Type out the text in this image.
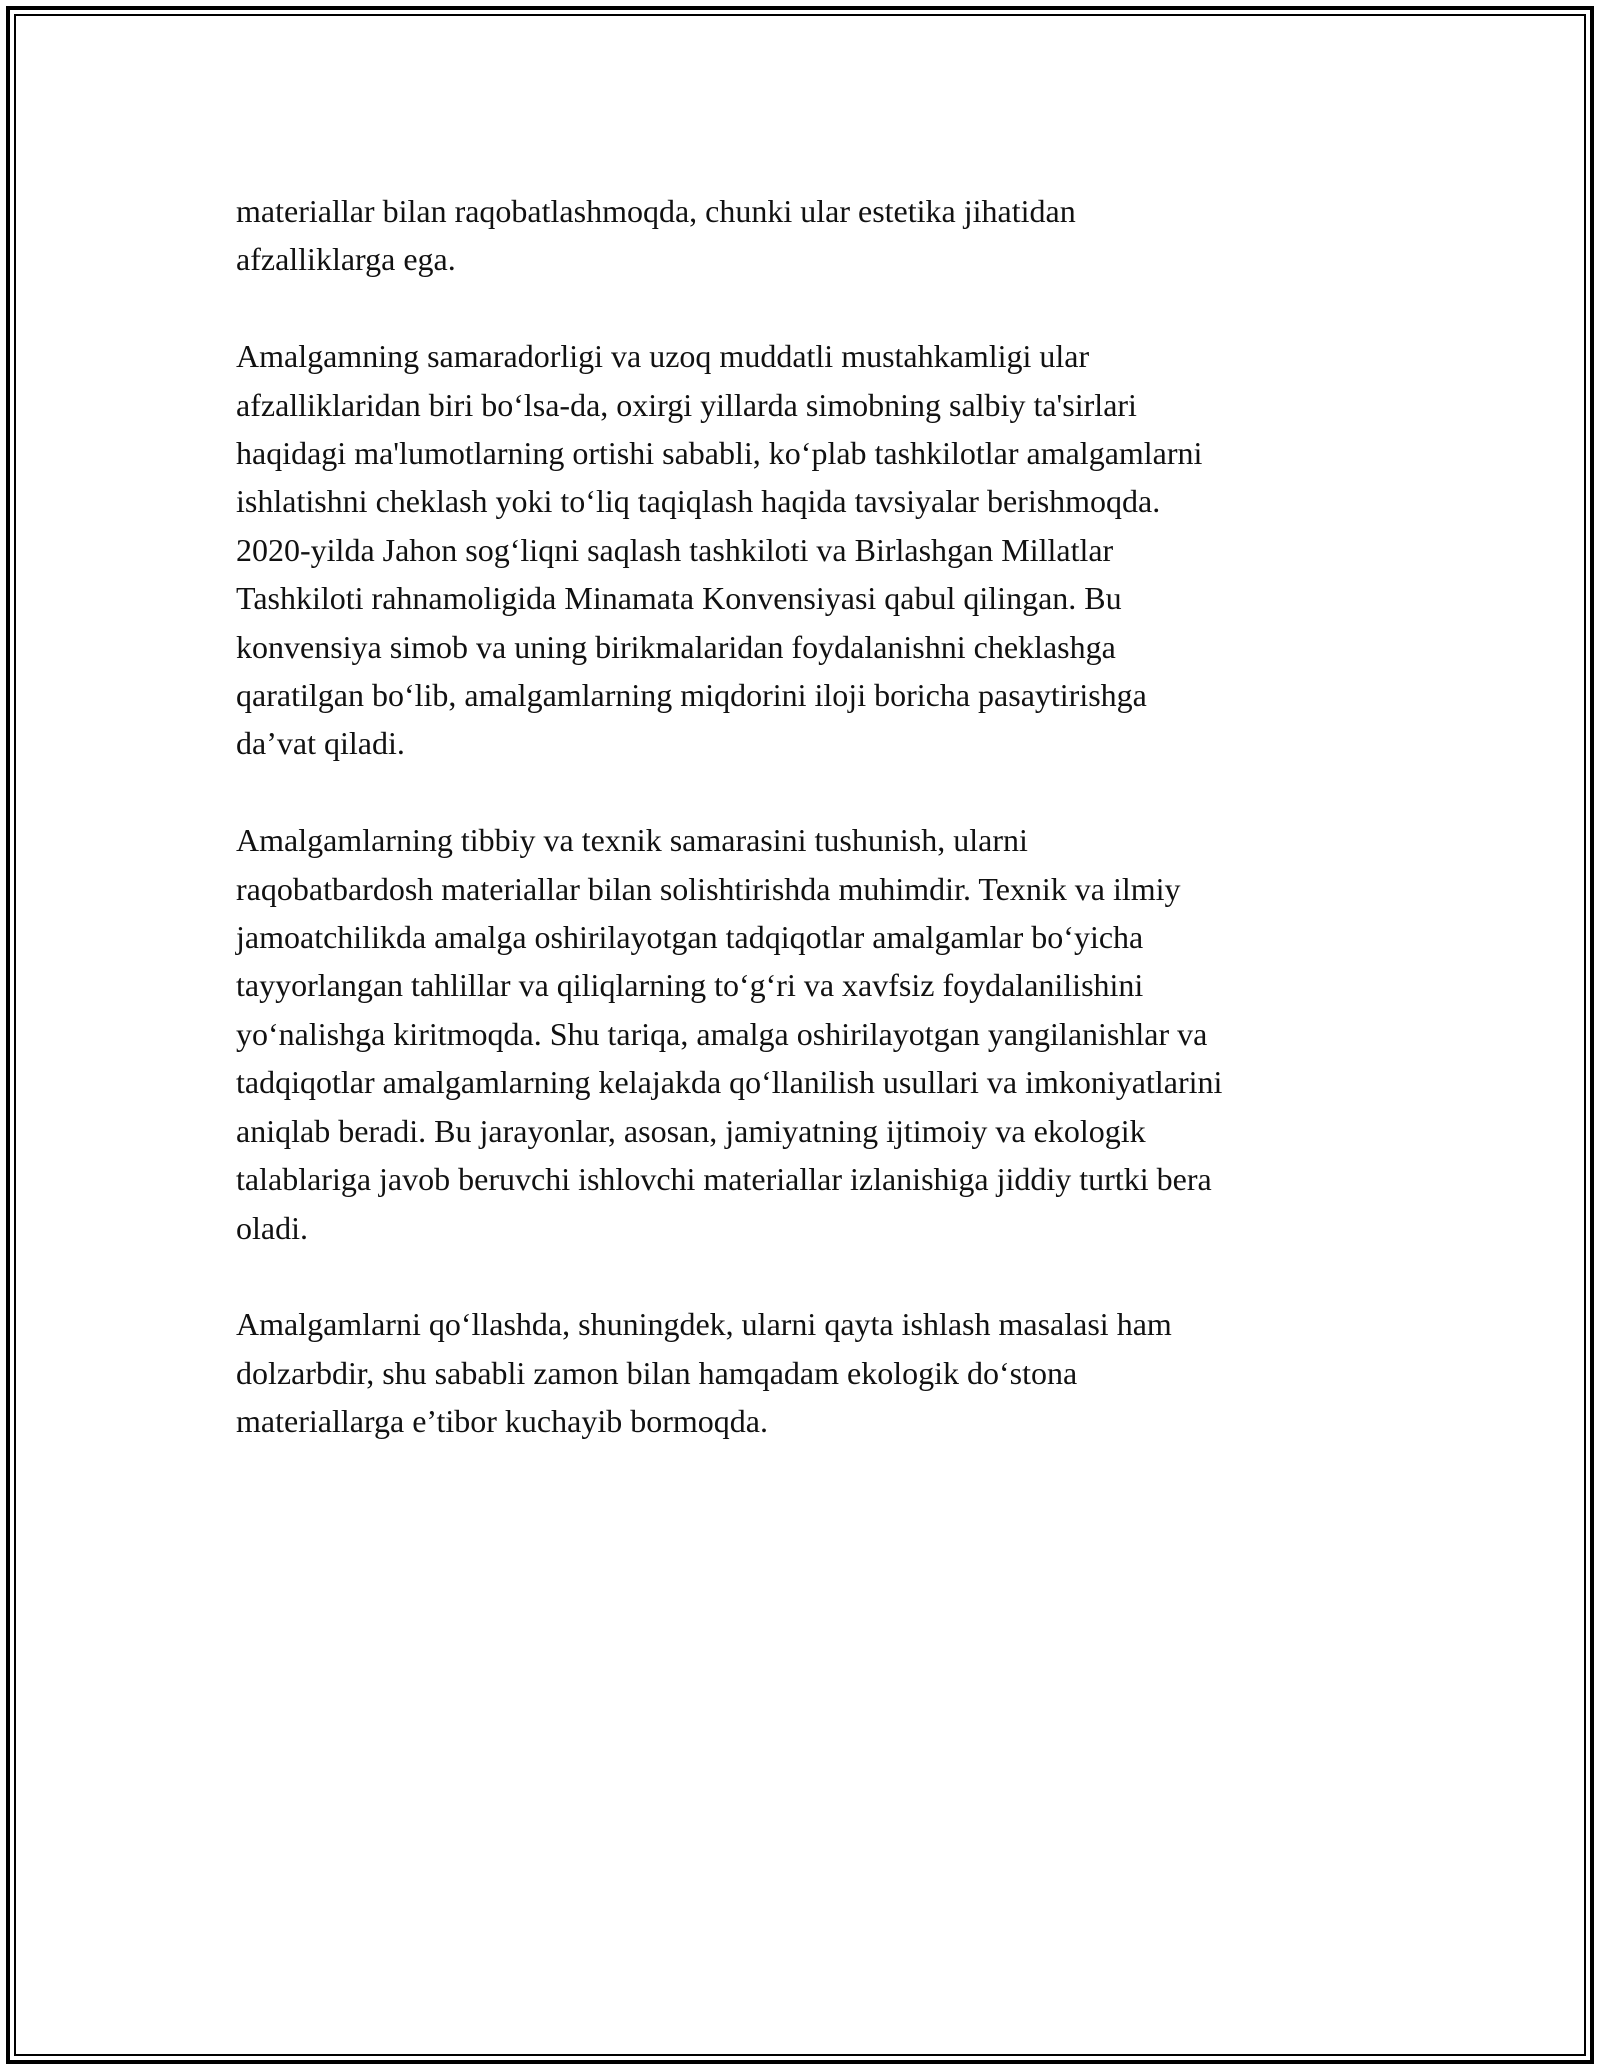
materiallar bilan raqobatlashmoqda, chunki ular estetika jihatidan
afzalliklarga ega.

Amalgamning samaradorligi va uzoq muddatli mustahkamligi ular
afzalliklaridan biri bo‘lsa-da, oxirgi yillarda simobning salbiy ta'sirlari
haqidagi ma'lumotlarning ortishi sababli, ko‘plab tashkilotlar amalgamlarni
ishlatishni cheklash yoki to‘liq taqiqlash haqida tavsiyalar berishmoqda.
2020-yilda Jahon sog‘liqni saqlash tashkiloti va Birlashgan Millatlar
Tashkiloti rahnamoligida Minamata Konvensiyasi qabul qilingan. Bu
konvensiya simob va uning birikmalaridan foydalanishni cheklashga
qaratilgan bo‘lib, amalgamlarning miqdorini iloji boricha pasaytirishga
da’vat qiladi.

Amalgamlarning tibbiy va texnik samarasini tushunish, ularni
raqobatbardosh materiallar bilan solishtirishda muhimdir. Texnik va ilmiy
jamoatchilikda amalga oshirilayotgan tadqiqotlar amalgamlar bo‘yicha
tayyorlangan tahlillar va qiliqlarning to‘g‘ri va xavfsiz foydalanilishini
yo‘nalishga kiritmoqda. Shu tariqa, amalga oshirilayotgan yangilanishlar va
tadqiqotlar amalgamlarning kelajakda qo‘llanilish usullari va imkoniyatlarini
aniqlab beradi. Bu jarayonlar, asosan, jamiyatning ijtimoiy va ekologik
talablariga javob beruvchi ishlovchi materiallar izlanishiga jiddiy turtki bera
oladi.

Amalgamlarni qo‘llashda, shuningdek, ularni qayta ishlash masalasi ham
dolzarbdir, shu sababli zamon bilan hamqadam ekologik do‘stona
materiallarga e’tibor kuchayib bormoqda.
